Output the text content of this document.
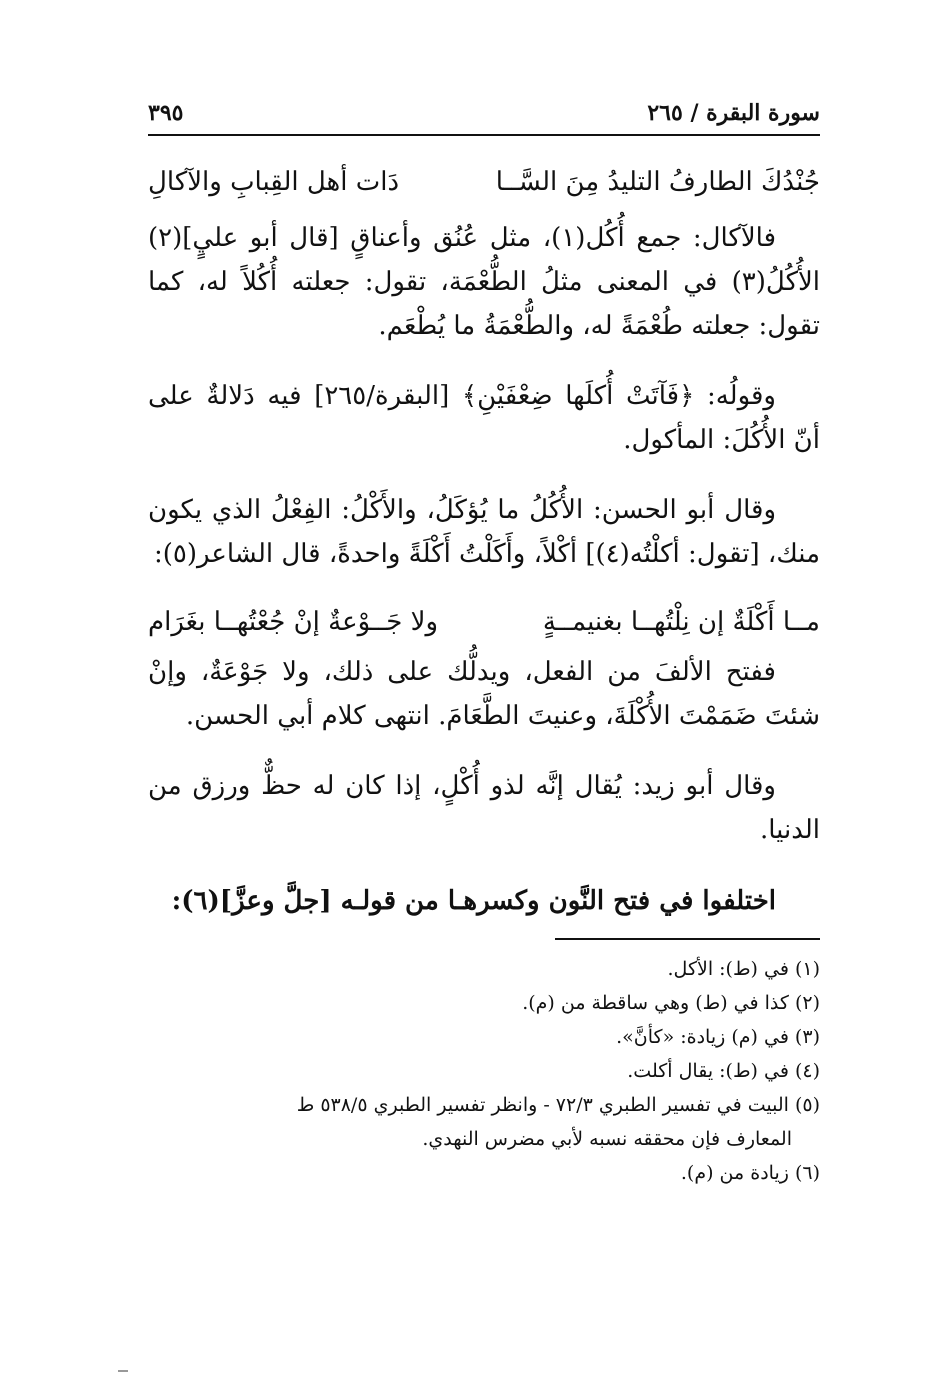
سورة البقرة / ٢٦٥
٣٩٥
جُنْدُكَ الطارفُ التليدُ مِنَ السَّــا
دَات أهل القِبابِ والآكالِ

فالآكال: جمع أُكُل(١)، مثل عُنُق وأعناقٍ [قال أبو عليٍ](٢) الأُكُلُ(٣) في المعنى مثلُ الطُّعْمَة، تقول: جعلته أُكُلاً له، كما تقول: جعلته طُعْمَةً له، والطُّعْمَةُ ما يُطْعَم.

وقولُه: ﴿فَآتَتْ أُكلَها ضِعْفَيْنِ﴾ [البقرة/٢٦٥] فيه دَلالةٌ على أنّ الأُكُلَ: المأكول.

وقال أبو الحسن: الأُكُلُ ما يُؤكَلُ، والأَكْلُ: الفِعْلُ الذي يكون منك، [تقول: أكلْتُه(٤)] أكْلاً، وأَكَلْتُ أَكْلَةً واحدةً، قال الشاعر(٥):

مــا أَكْلَةٌ إن نِلْتُهــا بغنيمــةٍ
ولا جَــوْعةٌ إنْ جُعْتُهــا بغَرَام

ففتح الألفَ من الفعل، ويدلُّك على ذلك، ولا جَوْعَةٌ، وإنْ شئتَ ضَمَمْتَ الأُكْلَةَ، وعنيتَ الطَّعَامَ. انتهى كلام أبي الحسن.

وقال أبو زيد: يُقال إنَّه لذو أُكْلٍ، إذا كان له حظٌّ ورزق من الدنيا.

اختلفوا في فتح النَّون وكسرهـا من قولـه [جلَّ وعزَّ](٦):

(١) في (ط): الأكل.

(٢) كذا في (ط) وهي ساقطة من (م).

(٣) في (م) زيادة: «كأنَّ».

(٤) في (ط): يقال أكلت.

(٥) البيت في تفسير الطبري ٧٢/٣ - وانظر تفسير الطبري ٥٣٨/٥ ط

المعارف فإن محققه نسبه لأبي مضرس النهدي.

(٦) زيادة من (م).
